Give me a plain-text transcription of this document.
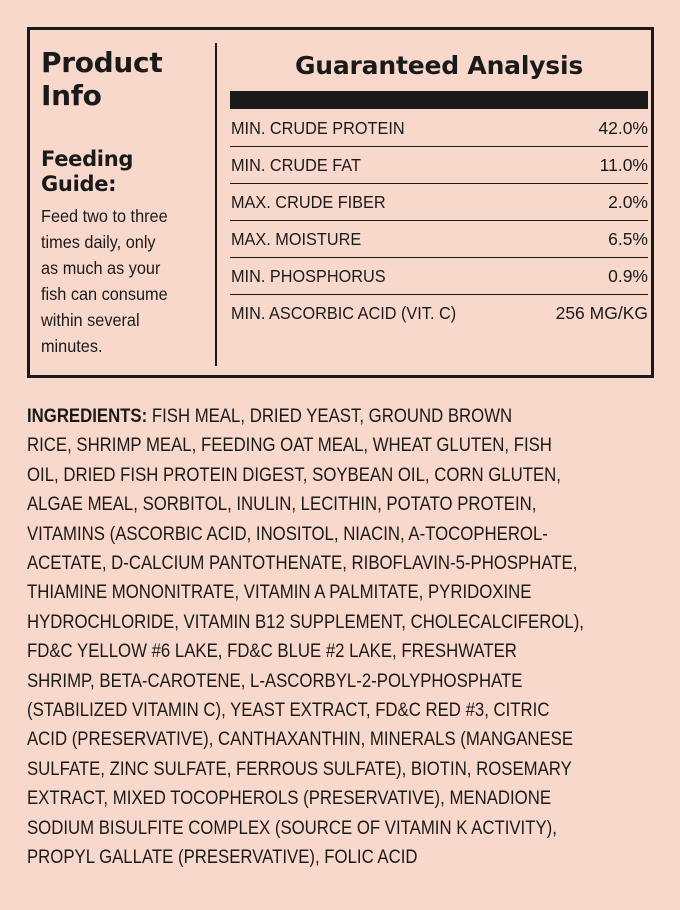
Product
Info

Feeding
Guide:

Feed two to three
times daily, only
as much as your
fish can consume
within several
minutes.

Guaranteed Analysis
MIN. CRUDE PROTEIN	42.0%
MIN. CRUDE FAT	11.0%
MAX. CRUDE FIBER	2.0%
MAX. MOISTURE	6.5%
MIN. PHOSPHORUS	0.9%
MIN. ASCORBIC ACID (VIT. C)	256 MG/KG
INGREDIENTS: FISH MEAL, DRIED YEAST, GROUND BROWN
RICE, SHRIMP MEAL, FEEDING OAT MEAL, WHEAT GLUTEN, FISH
OIL, DRIED FISH PROTEIN DIGEST, SOYBEAN OIL, CORN GLUTEN,
ALGAE MEAL, SORBITOL, INULIN, LECITHIN, POTATO PROTEIN,
VITAMINS (ASCORBIC ACID, INOSITOL, NIACIN, A-TOCOPHEROL-
ACETATE, D-CALCIUM PANTOTHENATE, RIBOFLAVIN-5-PHOSPHATE,
THIAMINE MONONITRATE, VITAMIN A PALMITATE, PYRIDOXINE
HYDROCHLORIDE, VITAMIN B12 SUPPLEMENT, CHOLECALCIFEROL),
FD&C YELLOW #6 LAKE, FD&C BLUE #2 LAKE, FRESHWATER
SHRIMP, BETA-CAROTENE, L-ASCORBYL-2-POLYPHOSPHATE
(STABILIZED VITAMIN C), YEAST EXTRACT, FD&C RED #3, CITRIC
ACID (PRESERVATIVE), CANTHAXANTHIN, MINERALS (MANGANESE
SULFATE, ZINC SULFATE, FERROUS SULFATE), BIOTIN, ROSEMARY
EXTRACT, MIXED TOCOPHEROLS (PRESERVATIVE), MENADIONE
SODIUM BISULFITE COMPLEX (SOURCE OF VITAMIN K ACTIVITY),
PROPYL GALLATE (PRESERVATIVE), FOLIC ACID
